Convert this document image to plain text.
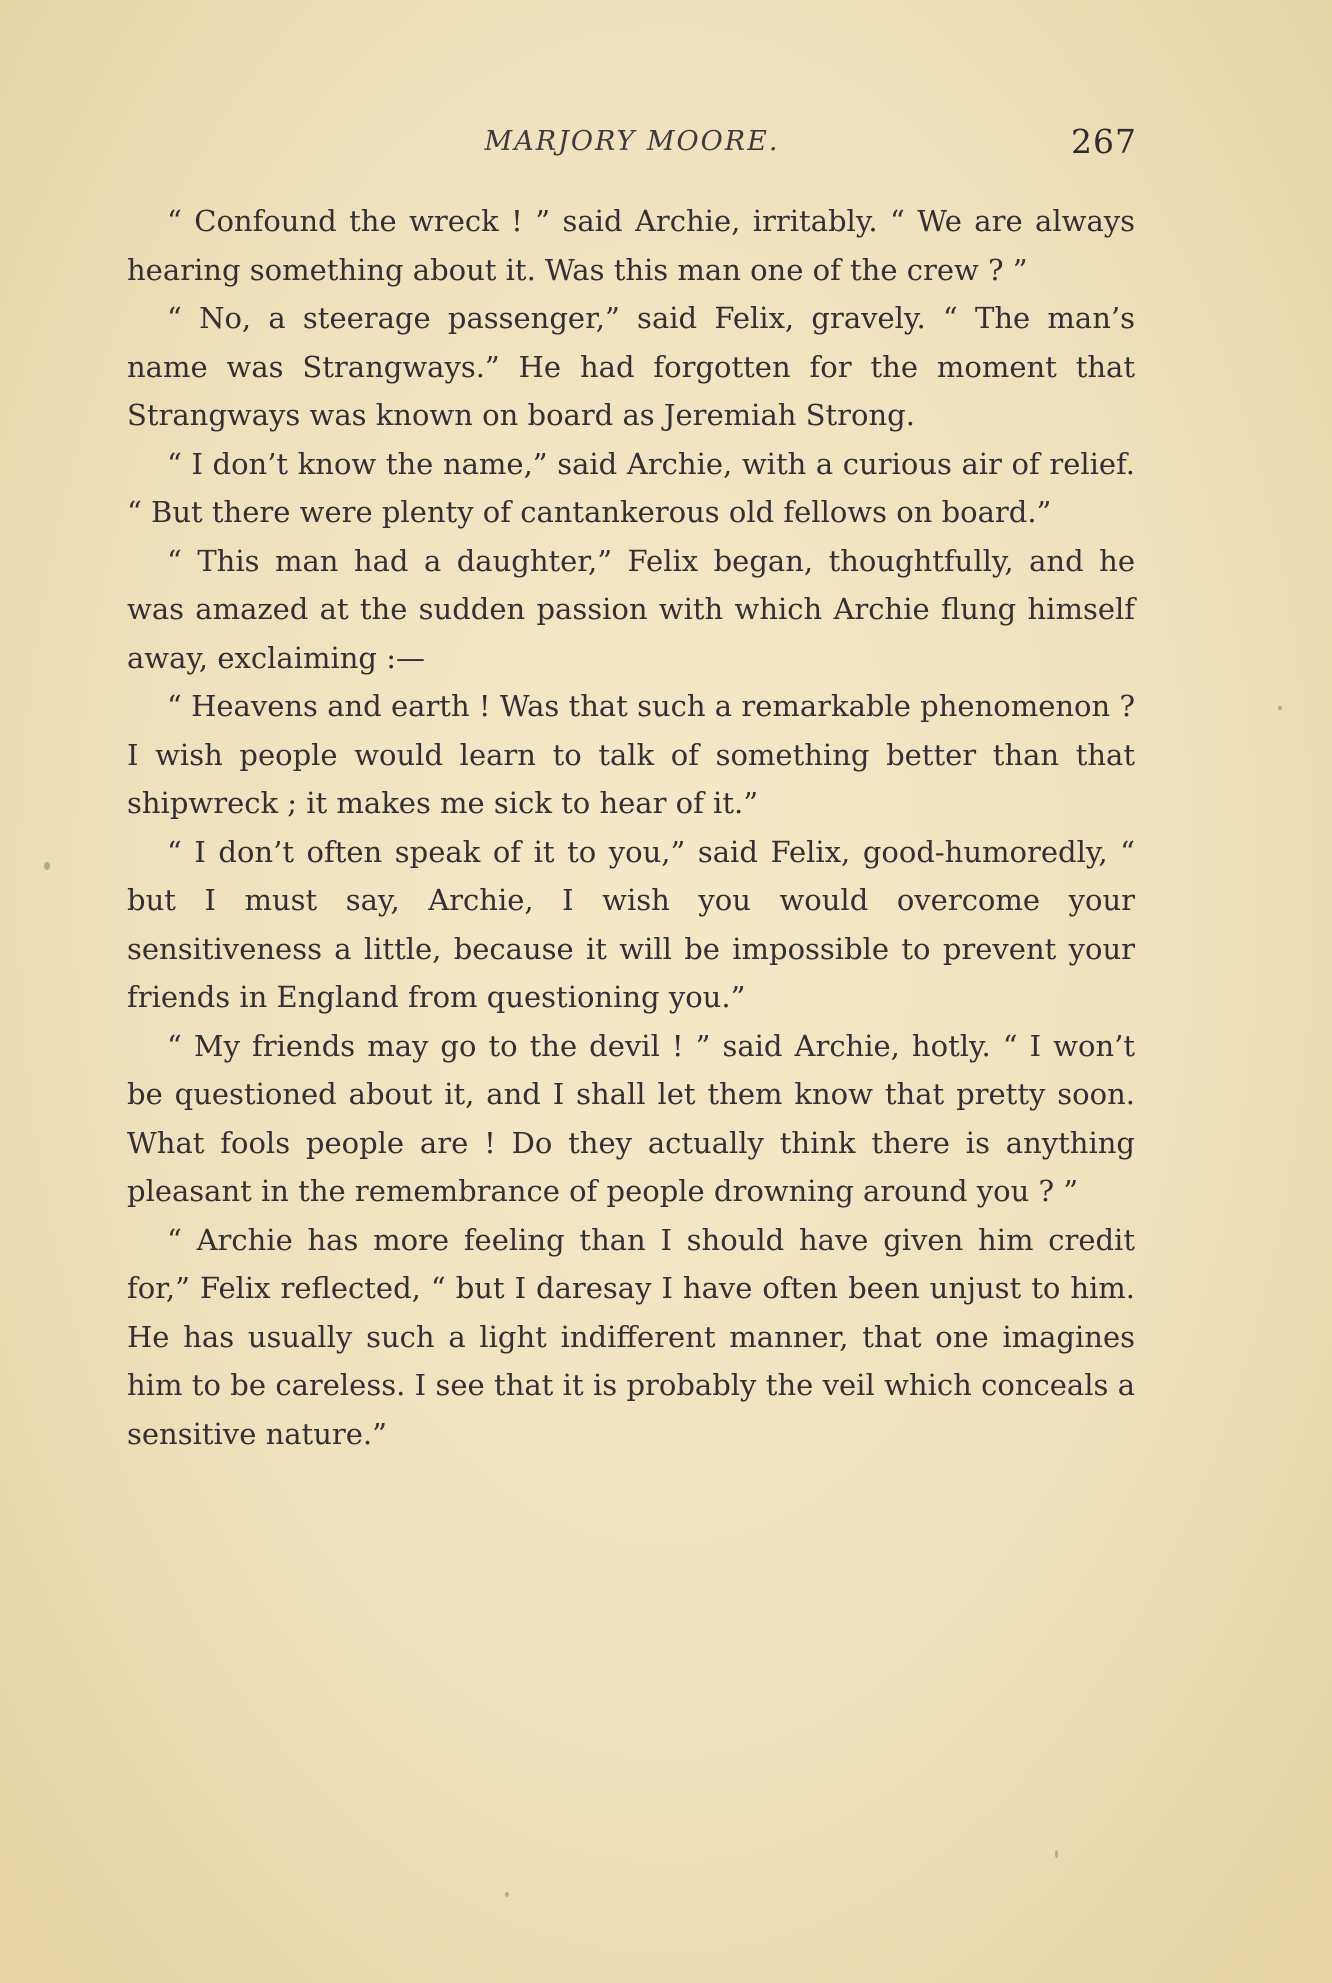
MARJORY MOORE.	267

“ Confound the wreck ! ” said Archie, irritably. “ We are always hearing something about it. Was this man one of the crew ? ”

“ No, a steerage passenger,” said Felix, gravely. “ The man’s name was Strangways.” He had forgotten for the moment that Strangways was known on board as Jeremiah Strong.

“ I don’t know the name,” said Archie, with a curious air of relief. “ But there were plenty of cantankerous old fellows on board.”

“ This man had a daughter,” Felix began, thoughtfully, and he was amazed at the sudden passion with which Archie flung himself away, exclaiming :—

“ Heavens and earth ! Was that such a remarkable phenomenon ? I wish people would learn to talk of something better than that shipwreck ; it makes me sick to hear of it.”

“ I don’t often speak of it to you,” said Felix, good-humoredly, “ but I must say, Archie, I wish you would overcome your sensitiveness a little, because it will be impossible to prevent your friends in England from questioning you.”

“ My friends may go to the devil ! ” said Archie, hotly. “ I won’t be questioned about it, and I shall let them know that pretty soon. What fools people are ! Do they actually think there is anything pleasant in the remembrance of people drowning around you ? ”

“ Archie has more feeling than I should have given him credit for,” Felix reflected, “ but I daresay I have often been unjust to him. He has usually such a light indifferent manner, that one imagines him to be careless. I see that it is probably the veil which conceals a sensitive nature.”
